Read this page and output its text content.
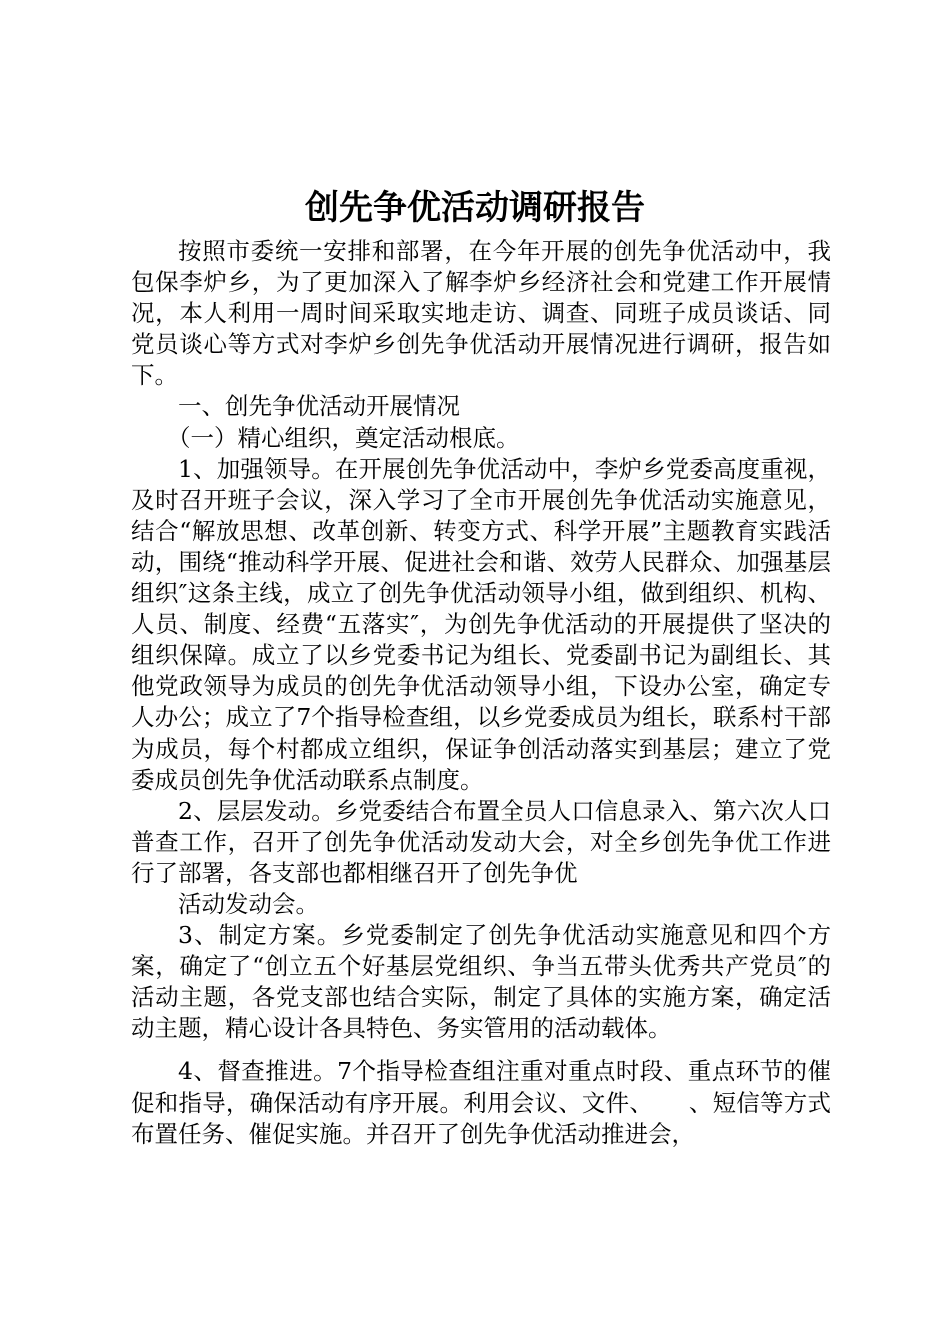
创先争优活动调研报告

按照市委统一安排和部署，在今年开展的创先争优活动中，我包保李炉乡，为了更加深入了解李炉乡经济社会和党建工作开展情况，本人利用一周时间采取实地走访、调查、同班子成员谈话、同党员谈心等方式对李炉乡创先争优活动开展情况进行调研，报告如下。

一、创先争优活动开展情况

（一）精心组织，奠定活动根底。

1、加强领导。在开展创先争优活动中，李炉乡党委高度重视，及时召开班子会议，深入学习了全市开展创先争优活动实施意见，结合“解放思想、改革创新、转变方式、科学开展”主题教育实践活动，围绕“推动科学开展、促进社会和谐、效劳人民群众、加强基层组织″这条主线，成立了创先争优活动领导小组，做到组织、机构、人员、制度、经费“五落实″，为创先争优活动的开展提供了坚决的组织保障。成立了以乡党委书记为组长、党委副书记为副组长、其他党政领导为成员的创先争优活动领导小组，下设办公室，确定专人办公；成立了7个指导检查组，以乡党委成员为组长，联系村干部为成员，每个村都成立组织，保证争创活动落实到基层；建立了党委成员创先争优活动联系点制度。

2、层层发动。乡党委结合布置全员人口信息录入、第六次人口普查工作，召开了创先争优活动发动大会，对全乡创先争优工作进行了部署，各支部也都相继召开了创先争优

活动发动会。

3、制定方案。乡党委制定了创先争优活动实施意见和四个方案，确定了“创立五个好基层党组织、争当五带头优秀共产党员″的活动主题，各党支部也结合实际，制定了具体的实施方案，确定活动主题，精心设计各具特色、务实管用的活动载体。

4、督查推进。7个指导检查组注重对重点时段、重点环节的催促和指导，确保活动有序开展。利用会议、文件、　　、短信等方式布置任务、催促实施。并召开了创先争优活动推进会，
